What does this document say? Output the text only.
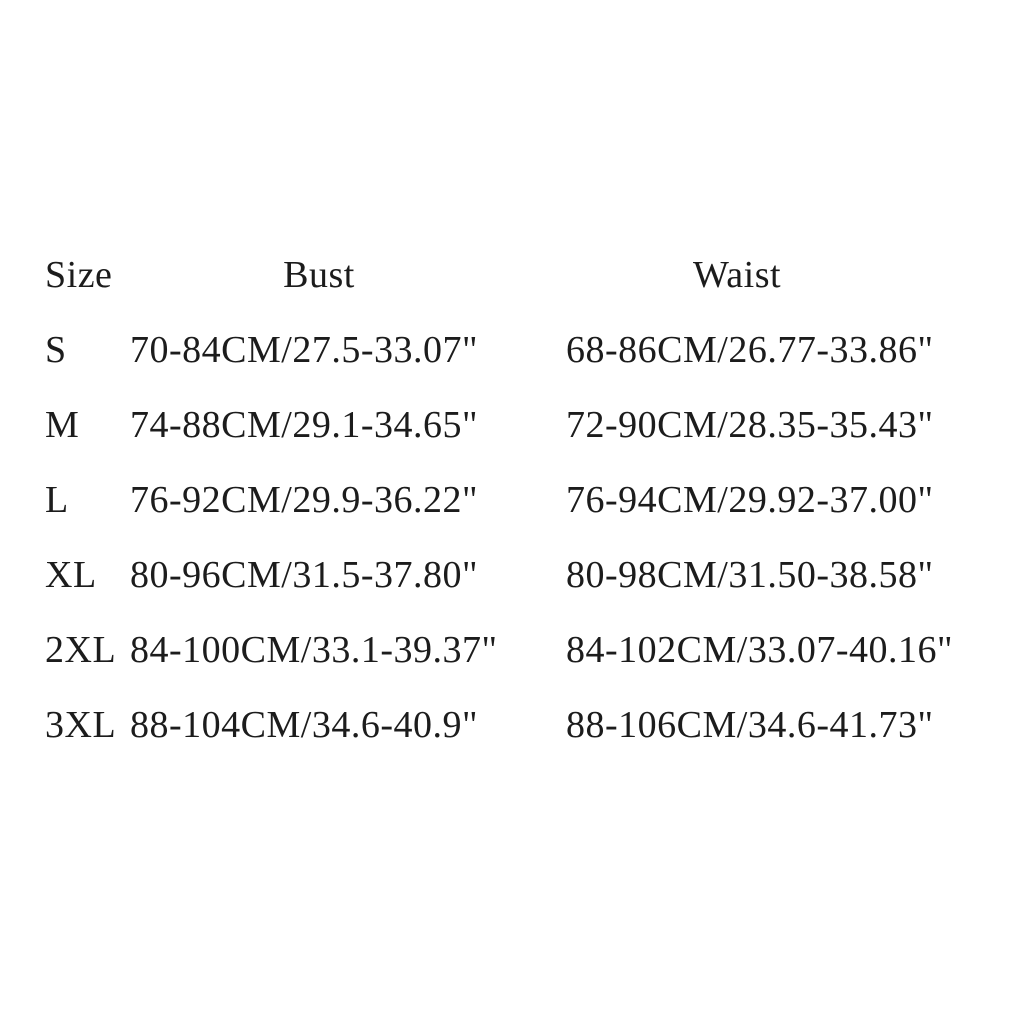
Size	Bust	Waist
S	70-84CM/27.5-33.07"	68-86CM/26.77-33.86"
M	74-88CM/29.1-34.65"	72-90CM/28.35-35.43"
L	76-92CM/29.9-36.22"	76-94CM/29.92-37.00"
XL 80-96CM/31.5-37.80"	80-98CM/31.50-38.58"
2XL 84-100CM/33.1-39.37" 84-102CM/33.07-40.16"
3XL 88-104CM/34.6-40.9"	88-106CM/34.6-41.73"
